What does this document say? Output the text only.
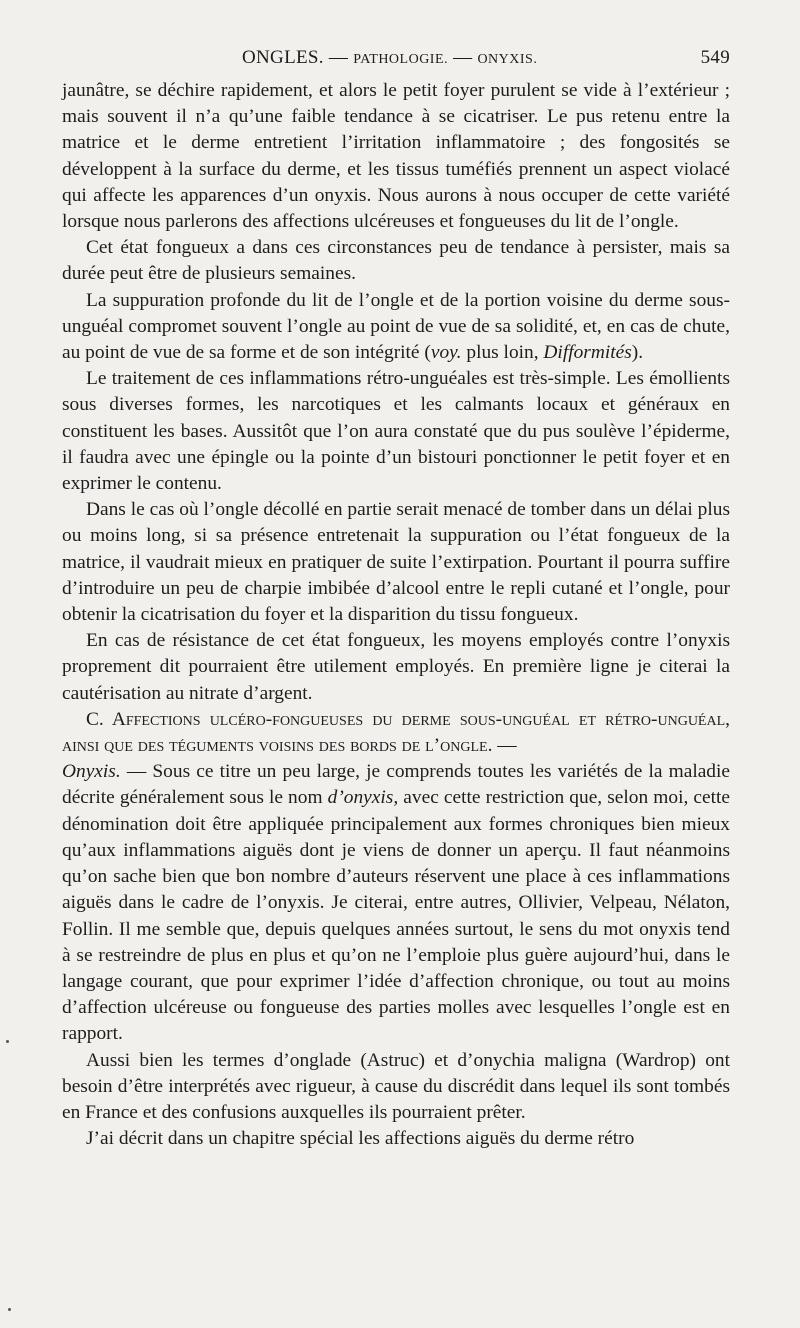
ONGLES. — PATHOLOGIE. — ONYXIS.	549

jaunâtre, se déchire rapidement, et alors le petit foyer purulent se vide à l’extérieur ; mais souvent il n’a qu’une faible tendance à se cicatriser. Le pus retenu entre la matrice et le derme entretient l’irritation inflammatoire ; des fongosités se développent à la surface du derme, et les tissus tuméfiés prennent un aspect violacé qui affecte les apparences d’un onyxis. Nous aurons à nous occuper de cette variété lorsque nous parlerons des affections ulcéreuses et fongueuses du lit de l’ongle.

Cet état fongueux a dans ces circonstances peu de tendance à persister, mais sa durée peut être de plusieurs semaines.

La suppuration profonde du lit de l’ongle et de la portion voisine du derme sous-unguéal compromet souvent l’ongle au point de vue de sa solidité, et, en cas de chute, au point de vue de sa forme et de son intégrité (voy. plus loin, Difformités).

Le traitement de ces inflammations rétro-unguéales est très-simple. Les émollients sous diverses formes, les narcotiques et les calmants locaux et généraux en constituent les bases. Aussitôt que l’on aura constaté que du pus soulève l’épiderme, il faudra avec une épingle ou la pointe d’un bistouri ponctionner le petit foyer et en exprimer le contenu.

Dans le cas où l’ongle décollé en partie serait menacé de tomber dans un délai plus ou moins long, si sa présence entretenait la suppuration ou l’état fongueux de la matrice, il vaudrait mieux en pratiquer de suite l’extirpation. Pourtant il pourra suffire d’introduire un peu de charpie imbibée d’alcool entre le repli cutané et l’ongle, pour obtenir la cicatrisation du foyer et la disparition du tissu fongueux.

En cas de résistance de cet état fongueux, les moyens employés contre l’onyxis proprement dit pourraient être utilement employés. En première ligne je citerai la cautérisation au nitrate d’argent.

C. Affections ulcéro-fongueuses du derme sous-unguéal et rétro-unguéal, ainsi que des téguments voisins des bords de l’ongle. —
Onyxis. — Sous ce titre un peu large, je comprends toutes les variétés de la maladie décrite généralement sous le nom d’onyxis, avec cette restriction que, selon moi, cette dénomination doit être appliquée principalement aux formes chroniques bien mieux qu’aux inflammations aiguës dont je viens de donner un aperçu. Il faut néanmoins qu’on sache bien que bon nombre d’auteurs réservent une place à ces inflammations aiguës dans le cadre de l’onyxis. Je citerai, entre autres, Ollivier, Velpeau, Nélaton, Follin. Il me semble que, depuis quelques années surtout, le sens du mot onyxis tend à se restreindre de plus en plus et qu’on ne l’emploie plus guère aujourd’hui, dans le langage courant, que pour exprimer l’idée d’affection chronique, ou tout au moins d’affection ulcéreuse ou fongueuse des parties molles avec lesquelles l’ongle est en rapport.

Aussi bien les termes d’onglade (Astruc) et d’onychia maligna (Wardrop) ont besoin d’être interprétés avec rigueur, à cause du discrédit dans lequel ils sont tombés en France et des confusions auxquelles ils pourraient prêter.

J’ai décrit dans un chapitre spécial les affections aiguës du derme rétro
